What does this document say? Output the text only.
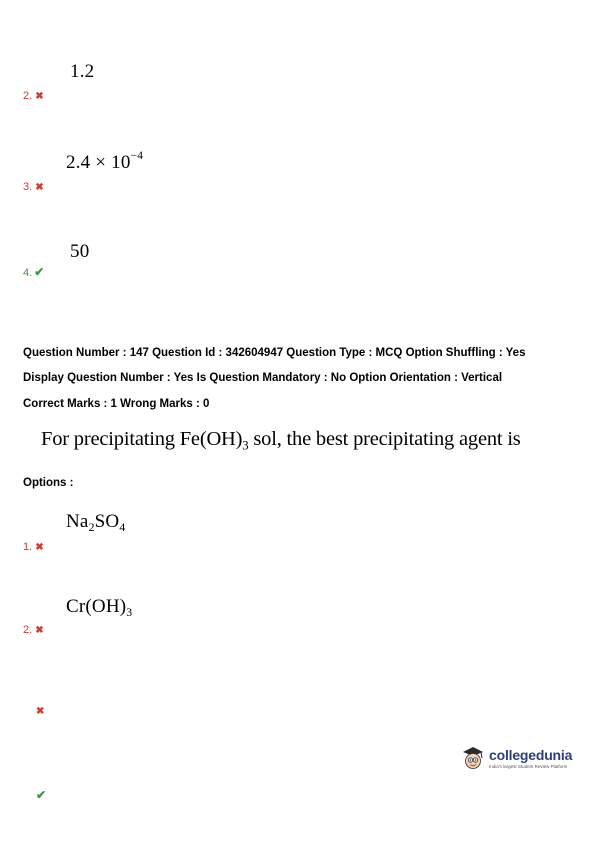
1.2
2. ✖
$2.4 \times 10^{-4}$
3. ✖
50
4. ✔
Question Number : 147 Question Id : 342604947 Question Type : MCQ Option Shuffling : Yes
Display Question Number : Yes Is Question Mandatory : No Option Orientation : Vertical
Correct Marks : 1 Wrong Marks : 0
For precipitating $Fe(OH)_3$ sol, the best precipitating agent is
Options :
$Na_2SO_4$
1. ✖
$Cr(OH)_3$
2. ✖
✖
✔
collegedunia
India's largest Student Review Platform
